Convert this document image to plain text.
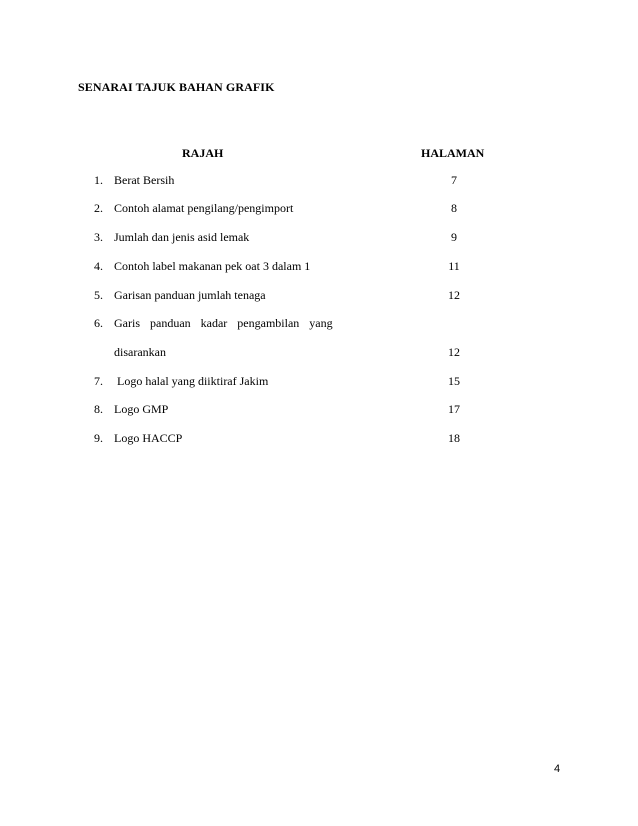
SENARAI TAJUK BAHAN GRAFIK
RAJAH	HALAMAN
1. Berat Bersih	7
2. Contoh alamat pengilang/pengimport	8
3. Jumlah dan jenis asid lemak	9
4. Contoh label makanan pek oat 3 dalam 1	11
5. Garisan panduan jumlah tenaga	12
6. Garis panduan kadar pengambilan yang
disarankan	12
7. Logo halal yang diiktiraf Jakim	15
8. Logo GMP	17
9. Logo HACCP	18
4
